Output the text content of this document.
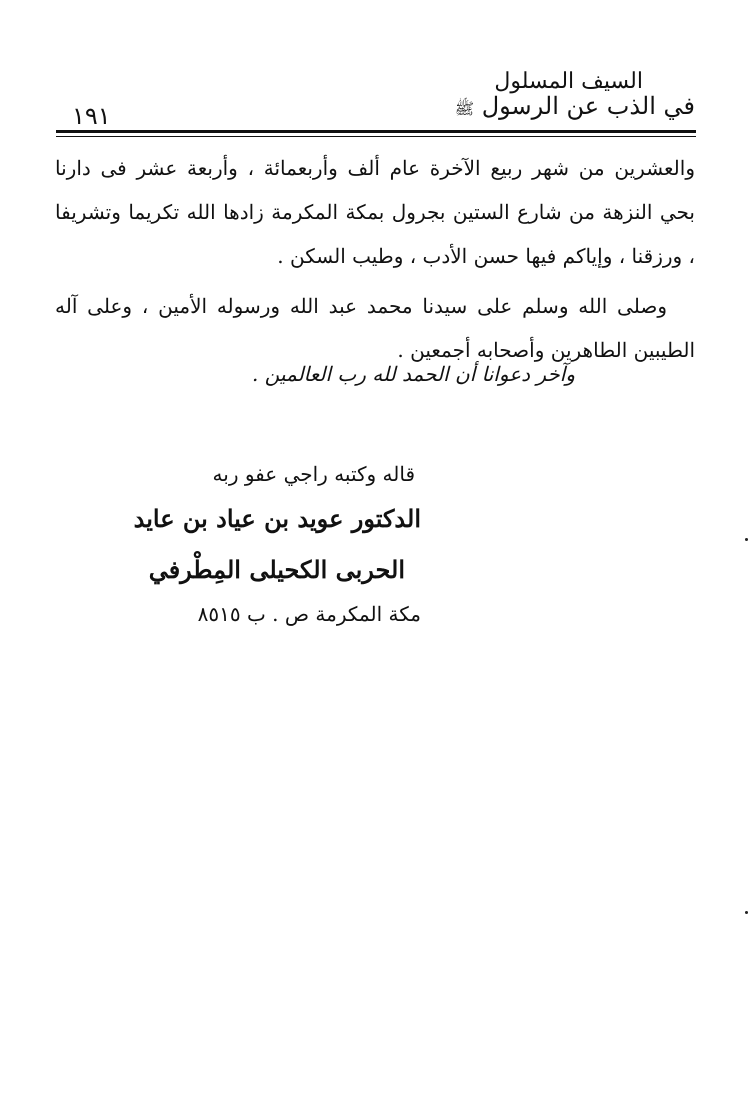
السيف المسلول
في الذب عن الرسول ﷺ
١٩١

والعشرين من شهر ربيع الآخرة عام ألف وأربعمائة ، وأربعة عشر فى دارنا بحي النزهة من شارع الستين بجرول بمكة المكرمة زادها الله تكريما وتشريفا ، ورزقنا ، وإياكم فيها حسن الأدب ، وطيب السكن .

وصلى الله وسلم على سيدنا محمد عبد الله ورسوله الأمين ، وعلى آله الطيبين الطاهرين وأصحابه أجمعين .

وآخر دعوانا أن الحمد لله رب العالمين .
قاله وكتبه راجي عفو ربه
الدكتور عويد بن عياد بن عايد
الحربى الكحيلى المِطْرفي
مكة المكرمة ص . ب ٨٥١٥
